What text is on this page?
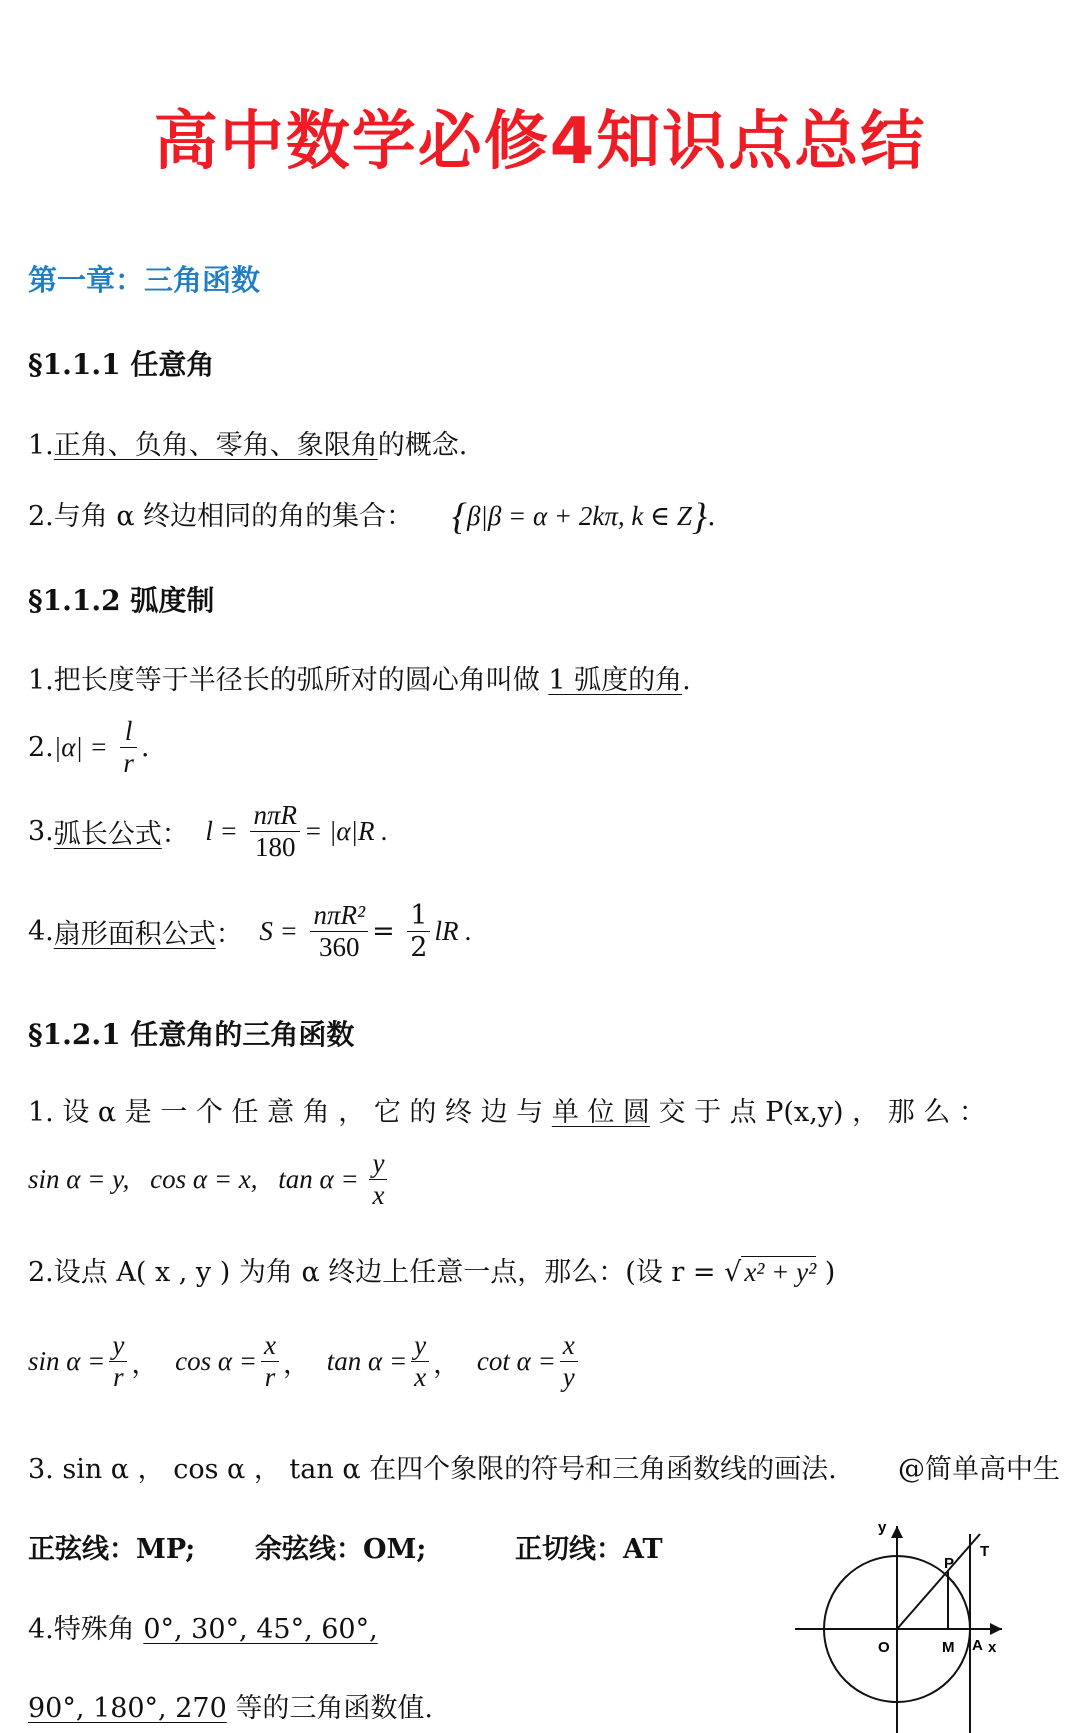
高中数学必修4知识点总结
第一章：三角函数
§1.1.1 任意角
1.正角、负角、零角、象限角的概念.
2.与角 α 终边相同的角的集合： {β|β = α + 2kπ, k ∈ Z}.
§1.1.2 弧度制
1.把长度等于半径长的弧所对的圆心角叫做 1 弧度的角.
$2.|\alpha| = \frac{l}{r}$ .
3.弧长公式： $l = \frac{\text{nπR}}{180} = |\alpha|R$ .
4.扇形面积公式： $S = \frac{\text{nπR²}}{360} = \frac{1}{2}$ lR .
§1.2.1 任意角的三角函数
1. 设 α 是 一 个 任 意 角 ， 它 的 终 边 与 单 位 圆 交 于 点 P(x,y) ， 那 么 ：
sin α = y, cos α = x, $\tan \alpha = \frac{y}{x}$
2.设点 A( x , y ) 为角 α 终边上任意一点，那么：(设 r = √ x² + y² )
$\sin \alpha = \frac{y}{r}$ ， $\cos \alpha = \frac{x}{r}$ ， $\tan \alpha = \frac{y}{x}$ ， $\cot \alpha = \frac{x}{y}$
3. sin α ， cos α ， tan α 在四个象限的符号和三角函数线的画法. @简单高中生
正弦线：MP; 余弦线：OM;	正切线：AT
4.特殊角 0°, 30°, 45°, 60°,
90°, 180°, 270 等的三角函数值.
y
x
O	M A
P
T
